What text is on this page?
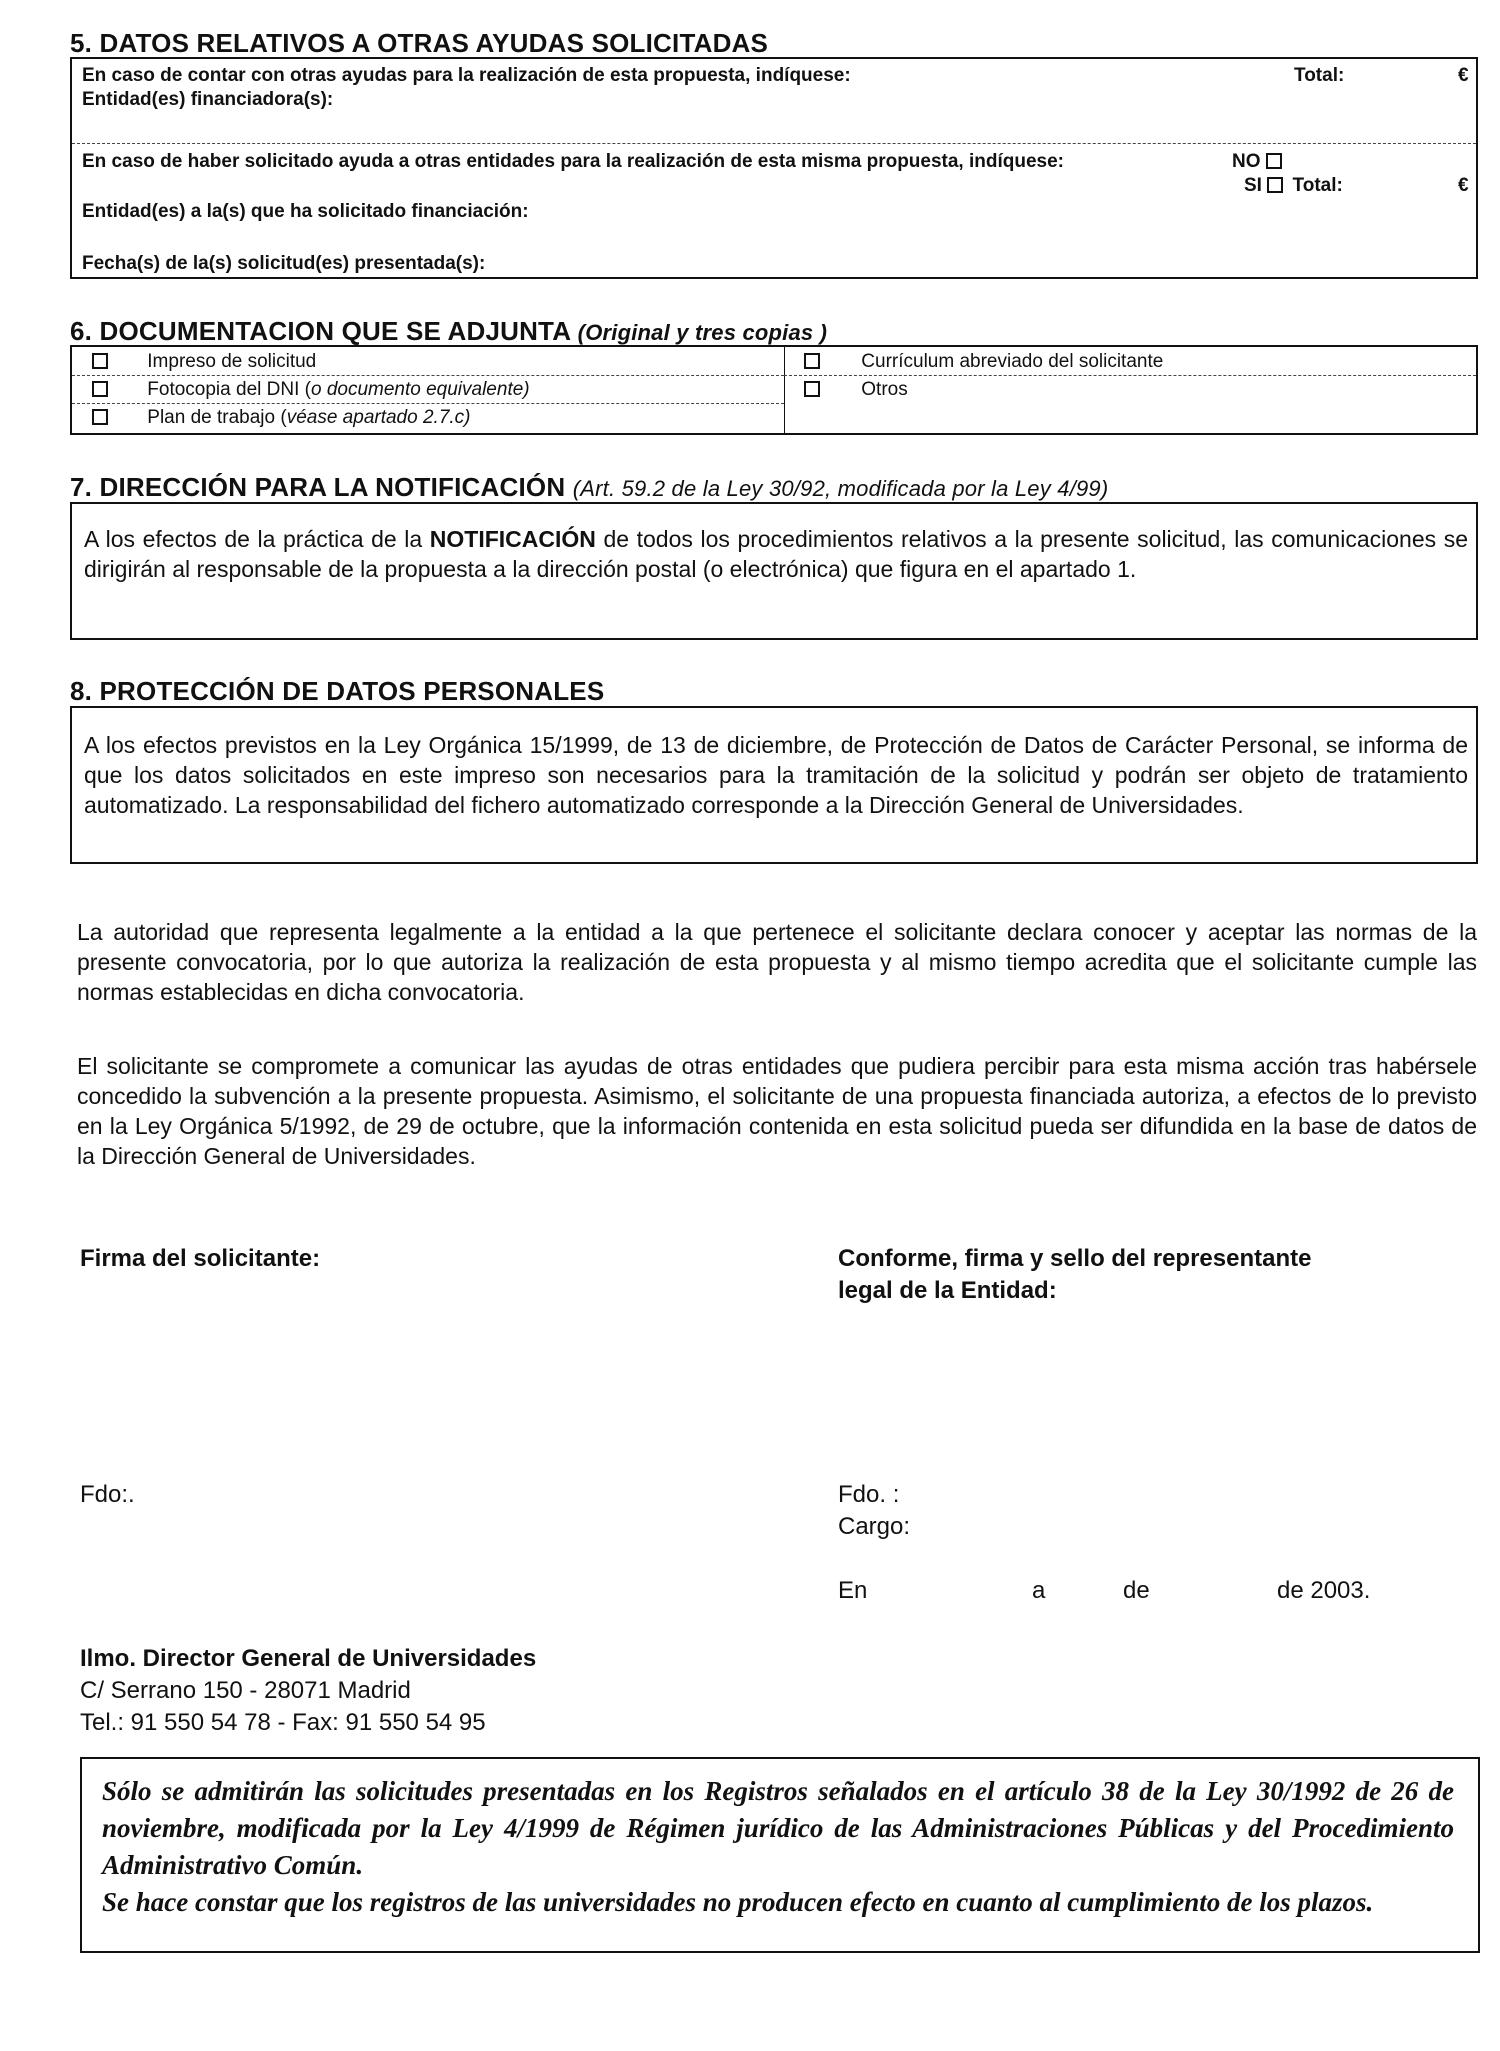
5. DATOS RELATIVOS A OTRAS AYUDAS SOLICITADAS
En caso de contar con otras ayudas para la realización de esta propuesta, indíquese:	Total:	€
Entidad(es) financiadora(s):
En caso de haber solicitado ayuda a otras entidades para la realización de esta misma propuesta, indíquese:	NO
SI Total:	€
Entidad(es) a la(s) que ha solicitado financiación:
Fecha(s) de la(s) solicitud(es) presentada(s):
6. DOCUMENTACION QUE SE ADJUNTA (Original y tres copias )
Impreso de solicitud
Fotocopia del DNI (o documento equivalente)
Plan de trabajo (véase apartado 2.7.c)
Currículum abreviado del solicitante
Otros
7. DIRECCIÓN PARA LA NOTIFICACIÓN (Art. 59.2 de la Ley 30/92, modificada por la Ley 4/99)
A los efectos de la práctica de la NOTIFICACIÓN de todos los procedimientos relativos a la presente solicitud, las comunicaciones se dirigirán al responsable de la propuesta a la dirección postal (o electrónica) que figura en el apartado 1.
8. PROTECCIÓN DE DATOS PERSONALES
A los efectos previstos en la Ley Orgánica 15/1999, de 13 de diciembre, de Protección de Datos de Carácter Personal, se informa de que los datos solicitados en este impreso son necesarios para la tramitación de la solicitud y podrán ser objeto de tratamiento automatizado. La responsabilidad del fichero automatizado corresponde a la Dirección General de Universidades.
La autoridad que representa legalmente a la entidad a la que pertenece el solicitante declara conocer y aceptar las normas de la presente convocatoria, por lo que autoriza la realización de esta propuesta y al mismo tiempo acredita que el solicitante cumple las normas establecidas en dicha convocatoria.
El solicitante se compromete a comunicar las ayudas de otras entidades que pudiera percibir para esta misma acción tras habérsele concedido la subvención a la presente propuesta. Asimismo, el solicitante de una propuesta financiada autoriza, a efectos de lo previsto en la Ley Orgánica 5/1992, de 29 de octubre, que la información contenida en esta solicitud pueda ser difundida en la base de datos de la Dirección General de Universidades.
Firma del solicitante:	Conforme, firma y sello del representante
legal de la Entidad:
Fdo:.	Fdo. :
Cargo:
En	a	de	de 2003.
Ilmo. Director General de Universidades
C/ Serrano 150 - 28071 Madrid
Tel.: 91 550 54 78 - Fax: 91 550 54 95
Sólo se admitirán las solicitudes presentadas en los Registros señalados en el artículo 38 de la Ley 30/1992 de 26 de noviembre, modificada por la Ley 4/1999 de Régimen jurídico de las Administraciones Públicas y del Procedimiento Administrativo Común.
Se hace constar que los registros de las universidades no producen efecto en cuanto al cumplimiento de los plazos.
